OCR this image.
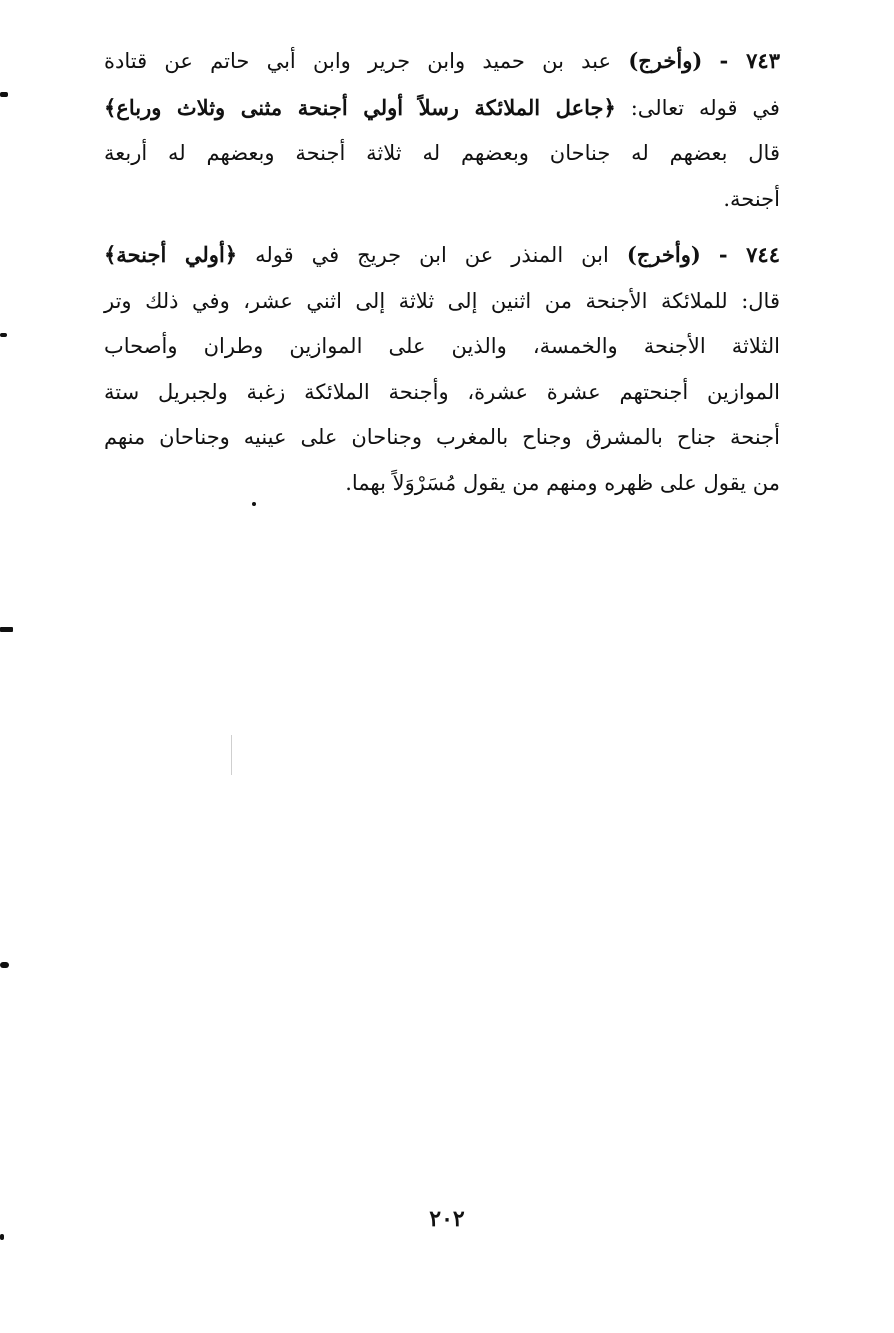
٧٤٣ - (وأخرج) عبد بن حميد وابن جرير وابن أبي حاتم عن قتادة
في قوله تعالى: ﴿جاعل الملائكة رسلاً أولي أجنحة مثنى وثلاث ورباع﴾
قال بعضهم له جناحان وبعضهم له ثلاثة أجنحة وبعضهم له أربعة
أجنحة.
٧٤٤ - (وأخرج) ابن المنذر عن ابن جريج في قوله ﴿أولي أجنحة﴾
قال: للملائكة الأجنحة من اثنين إلى ثلاثة إلى اثني عشر، وفي ذلك وتر
الثلاثة الأجنحة والخمسة، والذين على الموازين وطران وأصحاب
الموازين أجنحتهم عشرة عشرة، وأجنحة الملائكة زغبة ولجبريل ستة
أجنحة جناح بالمشرق وجناح بالمغرب وجناحان على عينيه وجناحان منهم
من يقول على ظهره ومنهم من يقول مُسَرْوَلاً بهما.
٢٠٢
